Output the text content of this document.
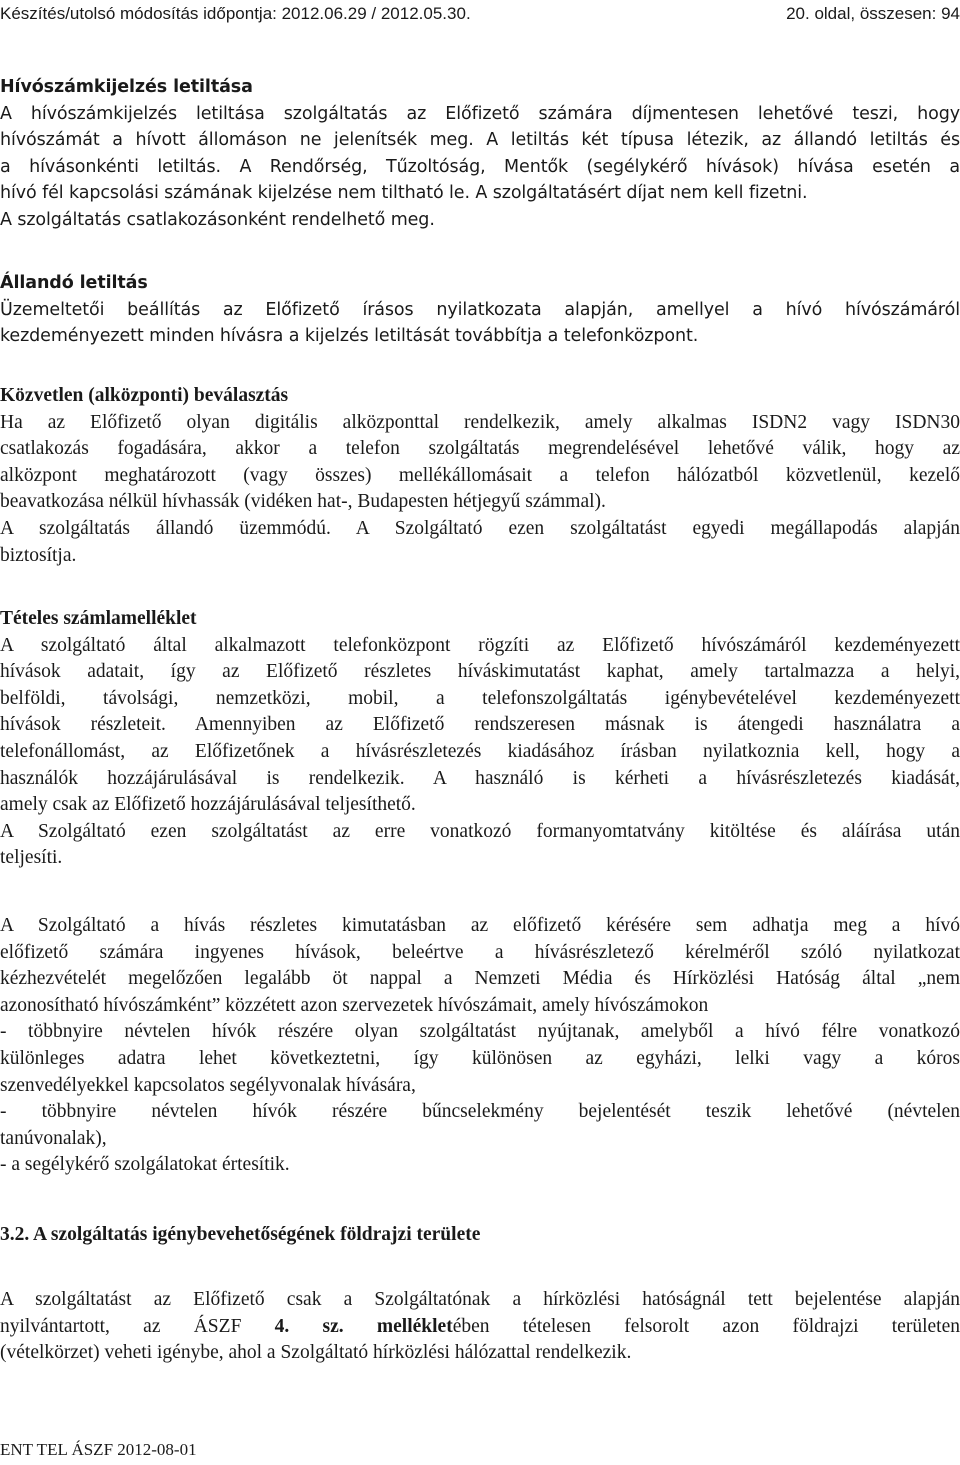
Készítés/utolsó módosítás időpontja: 2012.06.29 / 2012.05.30.	20. oldal, összesen: 94
Hívószámkijelzés letiltása
A hívószámkijelzés letiltása szolgáltatás az Előfizető számára díjmentesen lehetővé teszi, hogy
hívószámát a hívott állomáson ne jelenítsék meg. A letiltás két típusa létezik, az állandó letiltás és
a hívásonkénti letiltás. A Rendőrség, Tűzoltóság, Mentők (segélykérő hívások) hívása esetén a
hívó fél kapcsolási számának kijelzése nem tiltható le. A szolgáltatásért díjat nem kell fizetni.
A szolgáltatás csatlakozásonként rendelhető meg.
Állandó letiltás
Üzemeltetői beállítás az Előfizető írásos nyilatkozata alapján, amellyel a hívó hívószámáról
kezdeményezett minden hívásra a kijelzés letiltását továbbítja a telefonközpont.
Közvetlen (alközponti) beválasztás
Ha az Előfizető olyan digitális alközponttal rendelkezik, amely alkalmas ISDN2 vagy ISDN30
csatlakozás fogadására, akkor a telefon szolgáltatás megrendelésével lehetővé válik, hogy az
alközpont meghatározott (vagy összes) mellékállomásait a telefon hálózatból közvetlenül, kezelő
beavatkozása nélkül hívhassák (vidéken hat-, Budapesten hétjegyű számmal).
A szolgáltatás állandó üzemmódú. A Szolgáltató ezen szolgáltatást egyedi megállapodás alapján
biztosítja.
Tételes számlamelléklet
A szolgáltató által alkalmazott telefonközpont rögzíti az Előfizető hívószámáról kezdeményezett
hívások adatait, így az Előfizető részletes híváskimutatást kaphat, amely tartalmazza a helyi,
belföldi, távolsági, nemzetközi, mobil, a telefonszolgáltatás igénybevételével kezdeményezett
hívások részleteit. Amennyiben az Előfizető rendszeresen másnak is átengedi használatra a
telefonállomást, az Előfizetőnek a hívásrészletezés kiadásához írásban nyilatkoznia kell, hogy a
használók hozzájárulásával is rendelkezik. A használó is kérheti a hívásrészletezés kiadását,
amely csak az Előfizető hozzájárulásával teljesíthető.
A Szolgáltató ezen szolgáltatást az erre vonatkozó formanyomtatvány kitöltése és aláírása után
teljesíti.
A Szolgáltató a hívás részletes kimutatásban az előfizető kérésére sem adhatja meg a hívó
előfizető számára ingyenes hívások, beleértve a hívásrészletező kérelméről szóló nyilatkozat
kézhezvételét megelőzően legalább öt nappal a Nemzeti Média és Hírközlési Hatóság által „nem
azonosítható hívószámként” közzétett azon szervezetek hívószámait, amely hívószámokon
- többnyire névtelen hívók részére olyan szolgáltatást nyújtanak, amelyből a hívó félre vonatkozó
különleges adatra lehet következtetni, így különösen az egyházi, lelki vagy a kóros
szenvedélyekkel kapcsolatos segélyvonalak hívására,
- többnyire névtelen hívók részére bűncselekmény bejelentését teszik lehetővé (névtelen
tanúvonalak),
- a segélykérő szolgálatokat értesítik.
3.2. A szolgáltatás igénybevehetőségének földrajzi területe
A szolgáltatást az Előfizető csak a Szolgáltatónak a hírközlési hatóságnál tett bejelentése alapján
nyilvántartott, az ÁSZF 4. sz. mellékletében tételesen felsorolt azon földrajzi területen
(vételkörzet) veheti igénybe, ahol a Szolgáltató hírközlési hálózattal rendelkezik.
ENT TEL ÁSZF 2012-08-01
